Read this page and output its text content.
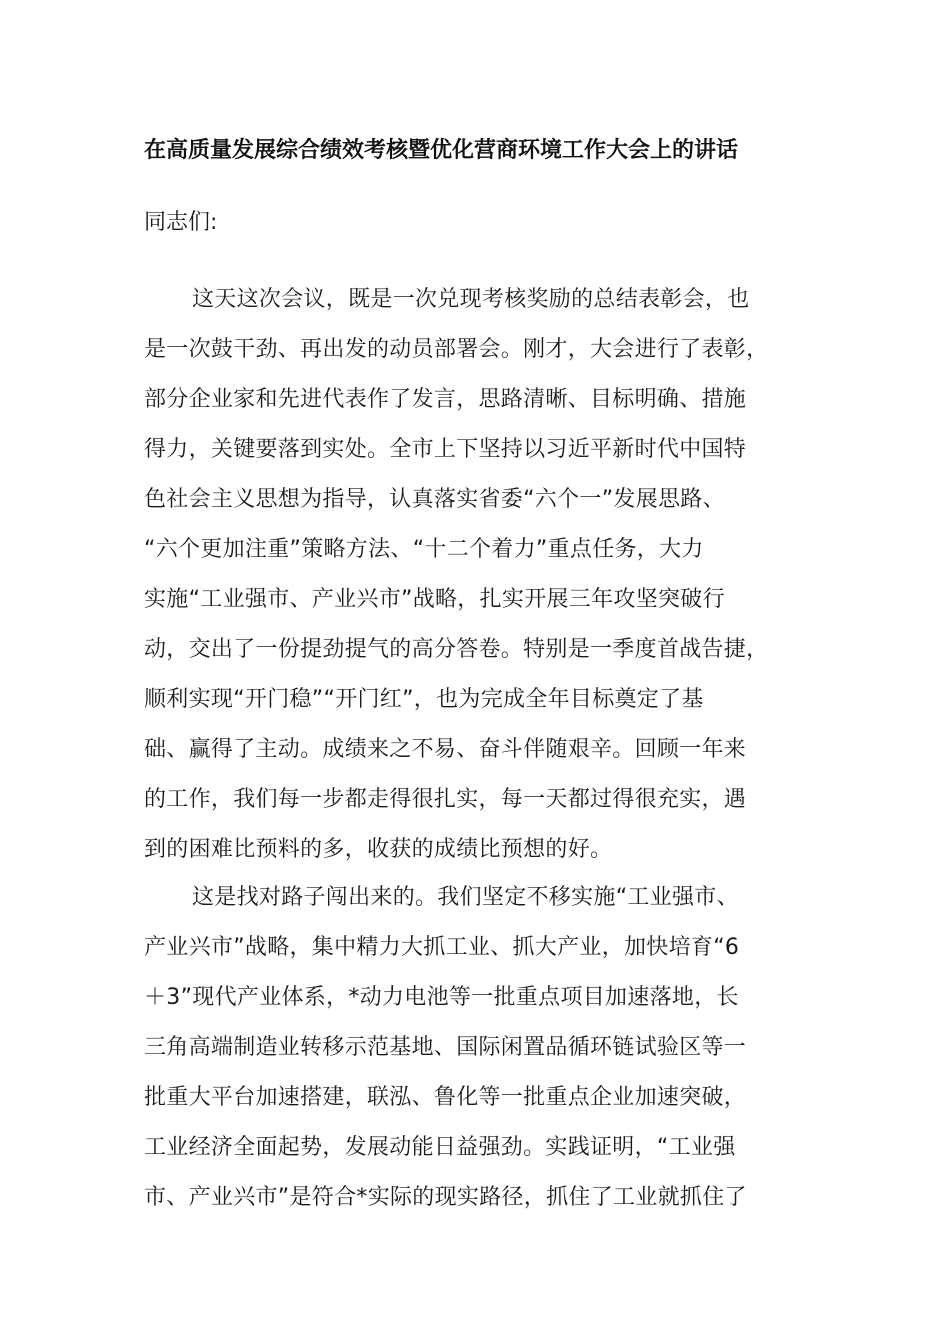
在高质量发展综合绩效考核暨优化营商环境工作大会上的讲话
同志们:
这天这次会议，既是一次兑现考核奖励的总结表彰会，也
是一次鼓干劲、再出发的动员部署会。刚才，大会进行了表彰，
部分企业家和先进代表作了发言，思路清晰、目标明确、措施
得力，关键要落到实处。全市上下坚持以习近平新时代中国特
色社会主义思想为指导，认真落实省委“六个一”发展思路、
“六个更加注重”策略方法、“十二个着力”重点任务，大力
实施“工业强市、产业兴市”战略，扎实开展三年攻坚突破行
动，交出了一份提劲提气的高分答卷。特别是一季度首战告捷，
顺利实现“开门稳”“开门红”，也为完成全年目标奠定了基
础、赢得了主动。成绩来之不易、奋斗伴随艰辛。回顾一年来
的工作，我们每一步都走得很扎实，每一天都过得很充实，遇
到的困难比预料的多，收获的成绩比预想的好。
这是找对路子闯出来的。我们坚定不移实施“工业强市、
产业兴市”战略，集中精力大抓工业、抓大产业，加快培育“6
＋3”现代产业体系，*动力电池等一批重点项目加速落地，长
三角高端制造业转移示范基地、国际闲置品循环链试验区等一
批重大平台加速搭建，联泓、鲁化等一批重点企业加速突破，
工业经济全面起势，发展动能日益强劲。实践证明，“工业强
市、产业兴市”是符合*实际的现实路径，抓住了工业就抓住了
